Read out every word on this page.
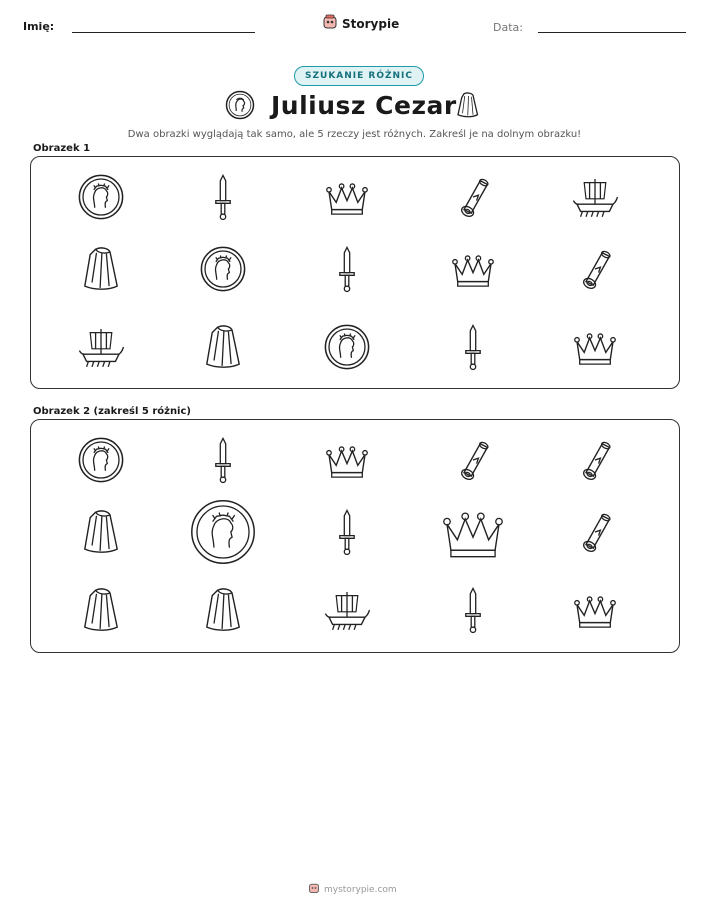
Imię:	Storypie	Data:
SZUKANIE RÓŻNIC
Juliusz Cezar
Dwa obrazki wyglądają tak samo, ale 5 rzeczy jest różnych. Zakreśl je na dolnym obrazku!
Obrazek 1
Obrazek 2 (zakreśl 5 różnic)
mystorypie.com
